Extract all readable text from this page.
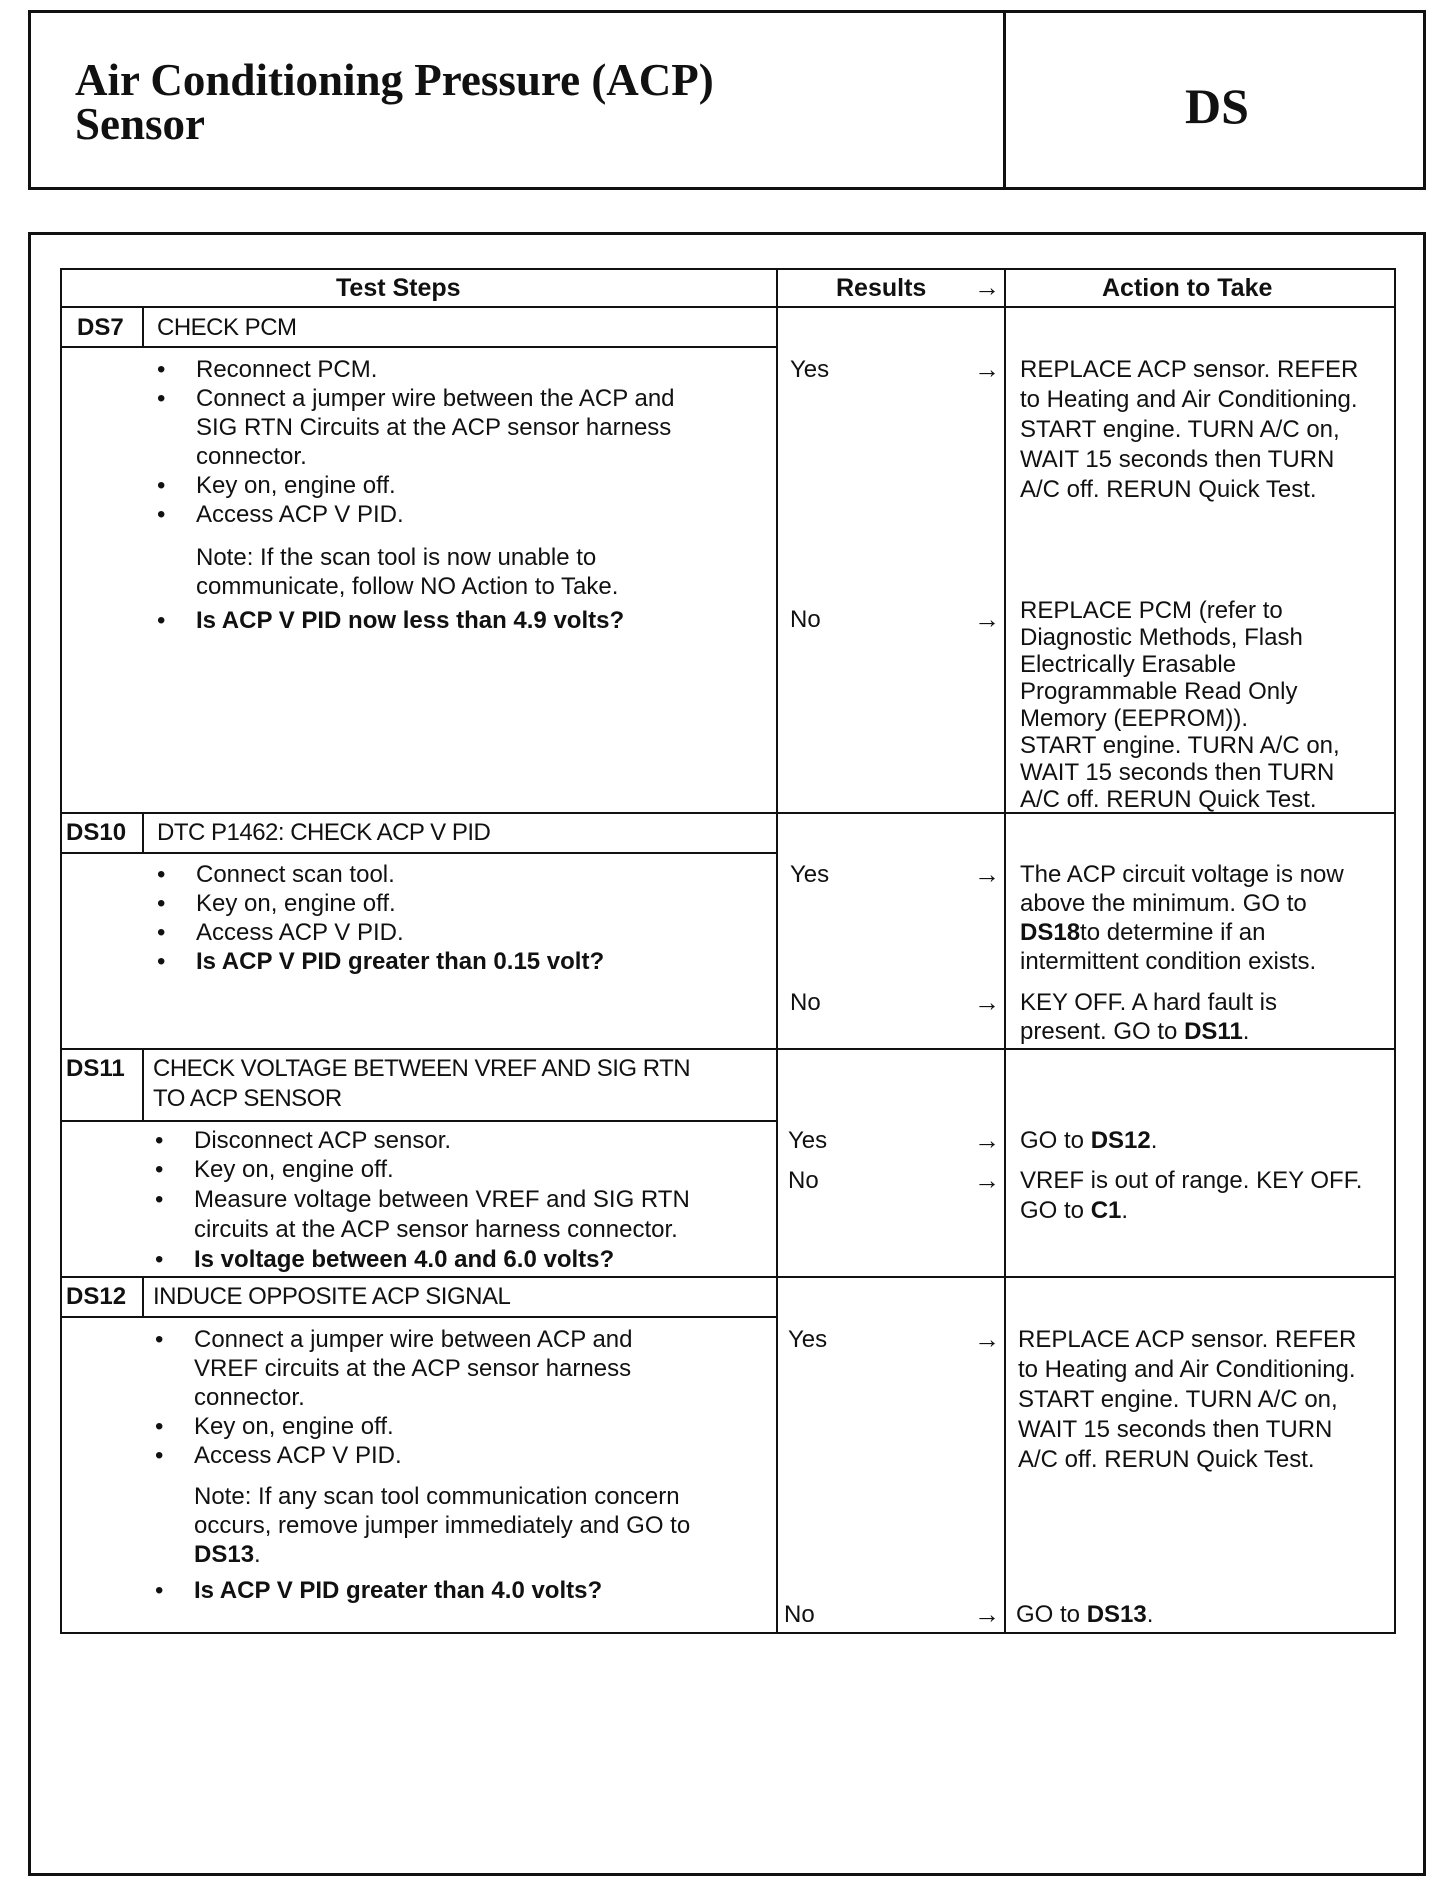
Air Conditioning Pressure (ACP)
Sensor	DS
Test Steps	Results →	Action to Take
DS7 CHECK PCM
• Reconnect PCM.
• Connect a jumper wire between the ACP and
SIG RTN Circuits at the ACP sensor harness
connector.
• Key on, engine off.
• Access ACP V PID.
Note: If the scan tool is now unable to
communicate, follow NO Action to Take.
• Is ACP V PID now less than 4.9 volts?
Yes	→ REPLACE ACP sensor. REFER
to Heating and Air Conditioning.
START engine. TURN A/C on,
WAIT 15 seconds then TURN
A/C off. RERUN Quick Test.
No	→ REPLACE PCM (refer to
Diagnostic Methods, Flash
Electrically Erasable
Programmable Read Only
Memory (EEPROM)).
START engine. TURN A/C on,
WAIT 15 seconds then TURN
A/C off. RERUN Quick Test.
DS10 DTC P1462: CHECK ACP V PID
• Connect scan tool.
• Key on, engine off.
• Access ACP V PID.
• Is ACP V PID greater than 0.15 volt?
Yes	→ The ACP circuit voltage is now
above the minimum. GO to
DS18to determine if an
intermittent condition exists.
No	→ KEY OFF. A hard fault is
present. GO to DS11.
DS11 CHECK VOLTAGE BETWEEN VREF AND SIG RTN
TO ACP SENSOR
• Disconnect ACP sensor.
• Key on, engine off.
• Measure voltage between VREF and SIG RTN
circuits at the ACP sensor harness connector.
• Is voltage between 4.0 and 6.0 volts?
Yes	→ GO to DS12.
No	→ VREF is out of range. KEY OFF.
GO to C1.
DS12 INDUCE OPPOSITE ACP SIGNAL
• Connect a jumper wire between ACP and
VREF circuits at the ACP sensor harness
connector.
• Key on, engine off.
• Access ACP V PID.
Note: If any scan tool communication concern
occurs, remove jumper immediately and GO to
DS13.
• Is ACP V PID greater than 4.0 volts?
Yes	→ REPLACE ACP sensor. REFER
to Heating and Air Conditioning.
START engine. TURN A/C on,
WAIT 15 seconds then TURN
A/C off. RERUN Quick Test.
No	→ GO to DS13.
